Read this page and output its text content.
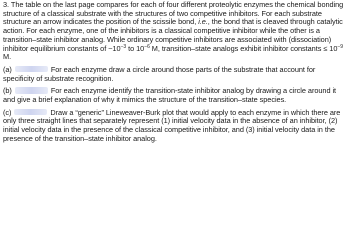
3. The table on the last page compares for each of four different proteolytic enzymes the chemical bonding structure of a classical substrate with the structures of two competitive inhibitors. For each substrate structure an arrow indicates the position of the scissile bond, i.e., the bond that is cleaved through catalytic action. For each enzyme, one of the inhibitors is a classical competitive inhibitor while the other is a transition–state inhibitor analog. While ordinary competitive inhibitors are associated with (dissociation) inhibitor equilibrium constants of $\sim 10^{-3}$ to $10^{-6}$ M, transition–state analogs exhibit inhibitor constants ≤ $10^{-9}$ M.

(a)	For each enzyme draw a circle around those parts of the substrate that account for specificity of substrate recognition.

(b)	For each enzyme identify the transition-state inhibitor analog by drawing a circle around it and give a brief explanation of why it mimics the structure of the transition–state species.

(c)	Draw a “generic” Lineweaver-Burk plot that would apply to each enzyme in which there are only three straight lines that separately represent (1) initial velocity data in the absence of an inhibitor, (2) initial velocity data in the presence of the classical competitive inhibitor, and (3) initial velocity data in the presence of the transition–state inhibitor analog.
